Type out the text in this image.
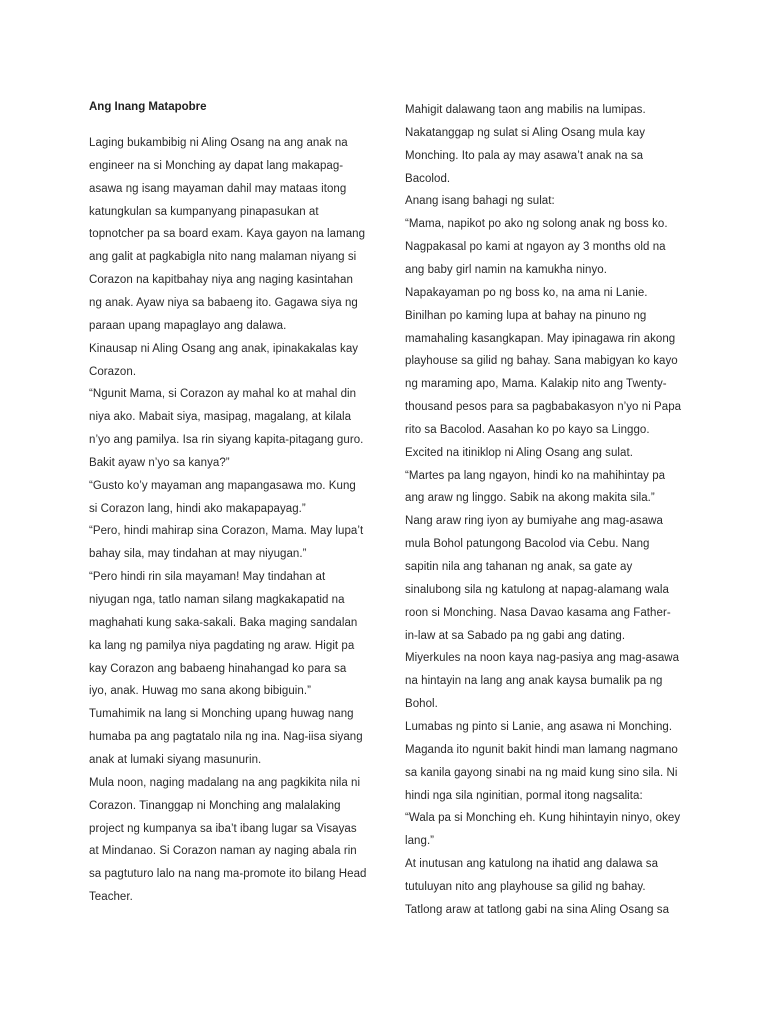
Ang Inang Matapobre
Laging bukambibig ni Aling Osang na ang anak na
engineer na si Monching ay dapat lang makapag-
asawa ng isang mayaman dahil may mataas itong
katungkulan sa kumpanyang pinapasukan at
topnotcher pa sa board exam. Kaya gayon na lamang
ang galit at pagkabigla nito nang malaman niyang si
Corazon na kapitbahay niya ang naging kasintahan
ng anak. Ayaw niya sa babaeng ito. Gagawa siya ng
paraan upang mapaglayo ang dalawa.
Kinausap ni Aling Osang ang anak, ipinakakalas kay
Corazon.
“Ngunit Mama, si Corazon ay mahal ko at mahal din
niya ako. Mabait siya, masipag, magalang, at kilala
n’yo ang pamilya. Isa rin siyang kapita-pitagang guro.
Bakit ayaw n’yo sa kanya?”
“Gusto ko’y mayaman ang mapangasawa mo. Kung
si Corazon lang, hindi ako makapapayag.”
“Pero, hindi mahirap sina Corazon, Mama. May lupa’t
bahay sila, may tindahan at may niyugan.”
“Pero hindi rin sila mayaman! May tindahan at
niyugan nga, tatlo naman silang magkakapatid na
maghahati kung saka-sakali. Baka maging sandalan
ka lang ng pamilya niya pagdating ng araw. Higit pa
kay Corazon ang babaeng hinahangad ko para sa
iyo, anak. Huwag mo sana akong bibiguin.”
Tumahimik na lang si Monching upang huwag nang
humaba pa ang pagtatalo nila ng ina. Nag-iisa siyang
anak at lumaki siyang masunurin.
Mula noon, naging madalang na ang pagkikita nila ni
Corazon. Tinanggap ni Monching ang malalaking
project ng kumpanya sa iba’t ibang lugar sa Visayas
at Mindanao. Si Corazon naman ay naging abala rin
sa pagtuturo lalo na nang ma-promote ito bilang Head
Teacher.
Mahigit dalawang taon ang mabilis na lumipas.
Nakatanggap ng sulat si Aling Osang mula kay
Monching. Ito pala ay may asawa’t anak na sa
Bacolod.
Anang isang bahagi ng sulat:
“Mama, napikot po ako ng solong anak ng boss ko.
Nagpakasal po kami at ngayon ay 3 months old na
ang baby girl namin na kamukha ninyo.
Napakayaman po ng boss ko, na ama ni Lanie.
Binilhan po kaming lupa at bahay na pinuno ng
mamahaling kasangkapan. May ipinagawa rin akong
playhouse sa gilid ng bahay. Sana mabigyan ko kayo
ng maraming apo, Mama. Kalakip nito ang Twenty-
thousand pesos para sa pagbabakasyon n’yo ni Papa
rito sa Bacolod. Aasahan ko po kayo sa Linggo.
Excited na itiniklop ni Aling Osang ang sulat.
“Martes pa lang ngayon, hindi ko na mahihintay pa
ang araw ng linggo. Sabik na akong makita sila.”
Nang araw ring iyon ay bumiyahe ang mag-asawa
mula Bohol patungong Bacolod via Cebu. Nang
sapitin nila ang tahanan ng anak, sa gate ay
sinalubong sila ng katulong at napag-alamang wala
roon si Monching. Nasa Davao kasama ang Father-
in-law at sa Sabado pa ng gabi ang dating.
Miyerkules na noon kaya nag-pasiya ang mag-asawa
na hintayin na lang ang anak kaysa bumalik pa ng
Bohol.
Lumabas ng pinto si Lanie, ang asawa ni Monching.
Maganda ito ngunit bakit hindi man lamang nagmano
sa kanila gayong sinabi na ng maid kung sino sila. Ni
hindi nga sila nginitian, pormal itong nagsalita:
“Wala pa si Monching eh. Kung hihintayin ninyo, okey
lang.”
At inutusan ang katulong na ihatid ang dalawa sa
tutuluyan nito ang playhouse sa gilid ng bahay.
Tatlong araw at tatlong gabi na sina Aling Osang sa
